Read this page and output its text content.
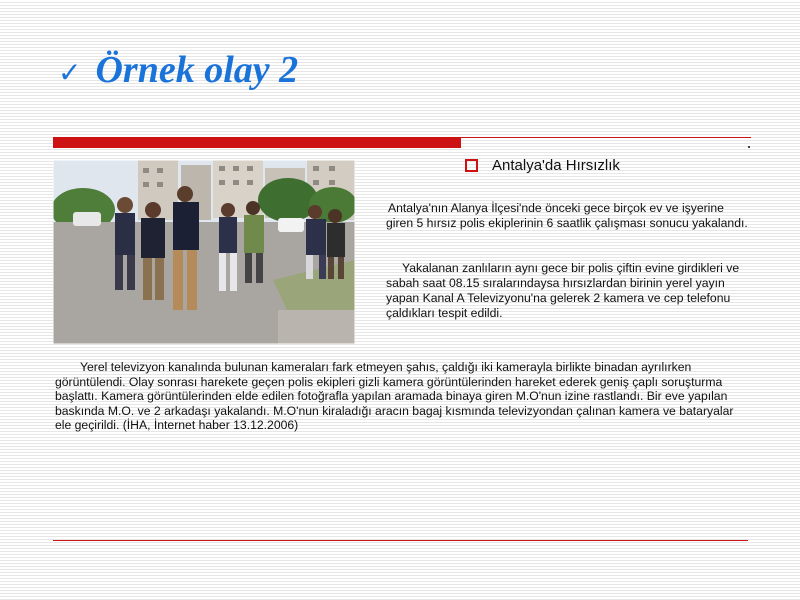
✓ Örnek olay 2
Antalya'da Hırsızlık

Antalya'nın Alanya İlçesi'nde önceki gece birçok ev ve işyerine giren 5 hırsız polis ekiplerinin 6 saatlik çalışması sonucu yakalandı.

Yakalanan zanlıların aynı gece bir polis çiftin evine girdikleri ve sabah saat 08.15 sıralarındaysa hırsızlardan birinin yerel yayın yapan Kanal A Televizyonu'na gelerek 2 kamera ve cep telefonu çaldıkları tespit edildi.

Yerel televizyon kanalında bulunan kameraları fark etmeyen şahıs, çaldığı iki kamerayla birlikte binadan ayrılırken görüntülendi. Olay sonrası harekete geçen polis ekipleri gizli kamera görüntülerinden hareket ederek geniş çaplı soruşturma başlattı. Kamera görüntülerinden elde edilen fotoğrafla yapılan aramada binaya giren M.O'nun izine rastlandı. Bir eve yapılan baskında M.O. ve 2 arkadaşı yakalandı. M.O'nun kiraladığı aracın bagaj kısmında televizyondan çalınan kamera ve bataryalar ele geçirildi. (İHA, İnternet haber 13.12.2006)
